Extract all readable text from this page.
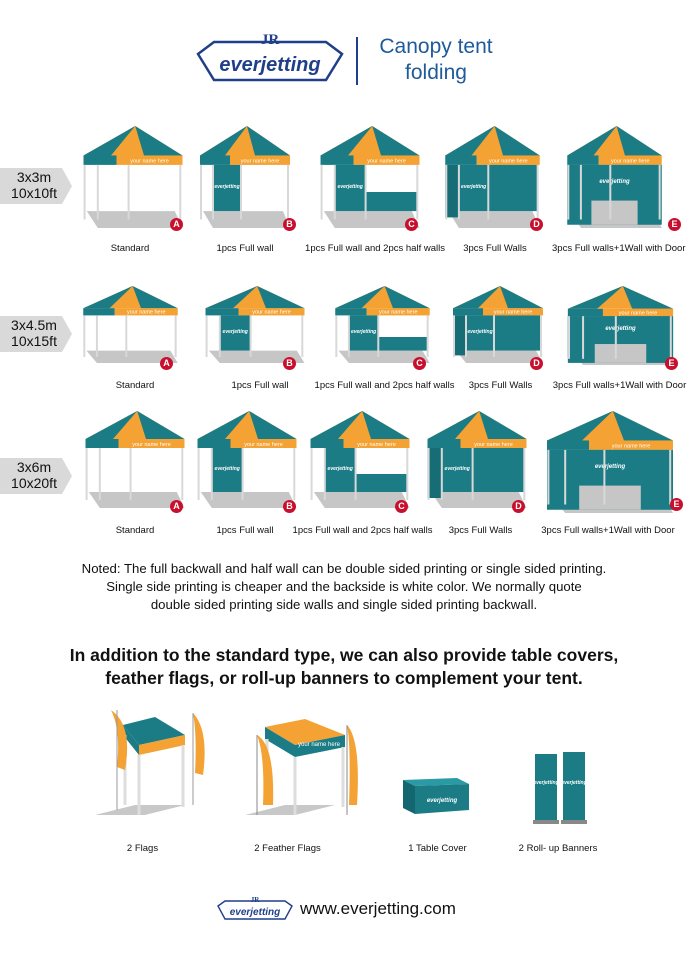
JR
everjetting
Canopy tent
folding
3x3m
10x10ft
3x4.5m
10x15ft
3x6m
10x20ft
your name here
A
your name here
everjetting
B
your name here
everjetting
C
your name here
everjetting
D
your name here
everjetting
E
Standard	1pcs Full wall	1pcs Full wall and 2pcs half walls	3pcs Full Walls	3pcs Full walls+1Wall with Door
your name here
A
your name here
everjetting
B
your name here
everjetting
C
your name here
everjetting
D
your name here
everjetting
E
Standard	1pcs Full wall	1pcs Full wall and 2pcs half walls	3pcs Full Walls	3pcs Full walls+1Wall with Door
your name here
A
your name here
everjetting
B
your name here
everjetting
C
your name here
everjetting
D
your name here
everjetting
E
Standard	1pcs Full wall	1pcs Full wall and 2pcs half walls	3pcs Full Walls	3pcs Full walls+1Wall with Door
Noted: The full backwall and half wall can be double sided printing or single sided printing.
Single side printing is cheaper and the backside is white color. We normally quote
double sided printing side walls and single sided printing backwall.
In addition to the standard type, we can also provide table covers,
feather flags, or roll-up banners to complement your tent.
2 Flags
your name here
2 Feather Flags
everjetting
1 Table Cover
everjetting everjetting
2 Roll- up Banners
JR
everjetting www.everjetting.com
